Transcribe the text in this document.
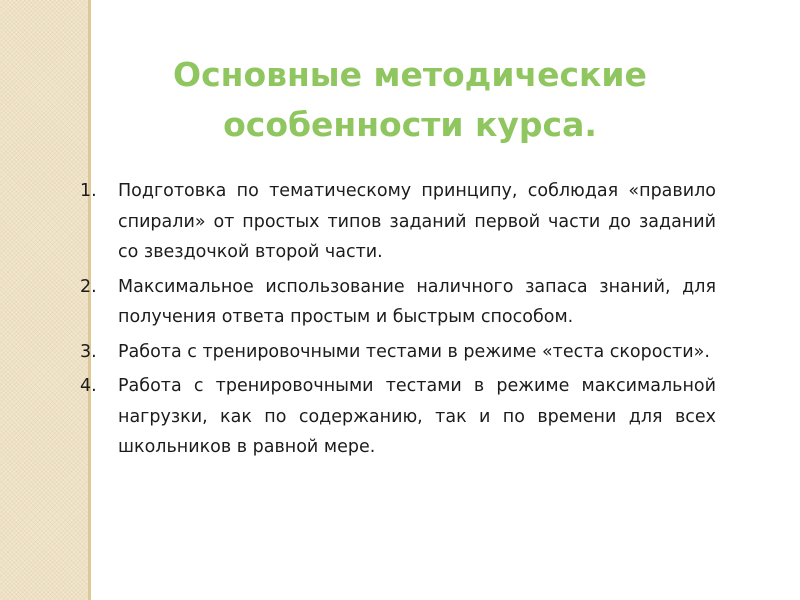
Основные методические
особенности курса.
1.	Подготовка по тематическому принципу, соблюдая «правило спирали» от простых типов заданий первой части до заданий со звездочкой второй части.
2.	Максимальное использование наличного запаса знаний, для получения ответа простым и быстрым способом.
3.	Работа с тренировочными тестами в режиме «теста скорости».
4.	Работа с тренировочными тестами в режиме максимальной нагрузки, как по содержанию, так и по времени для всех школьников в равной мере.
